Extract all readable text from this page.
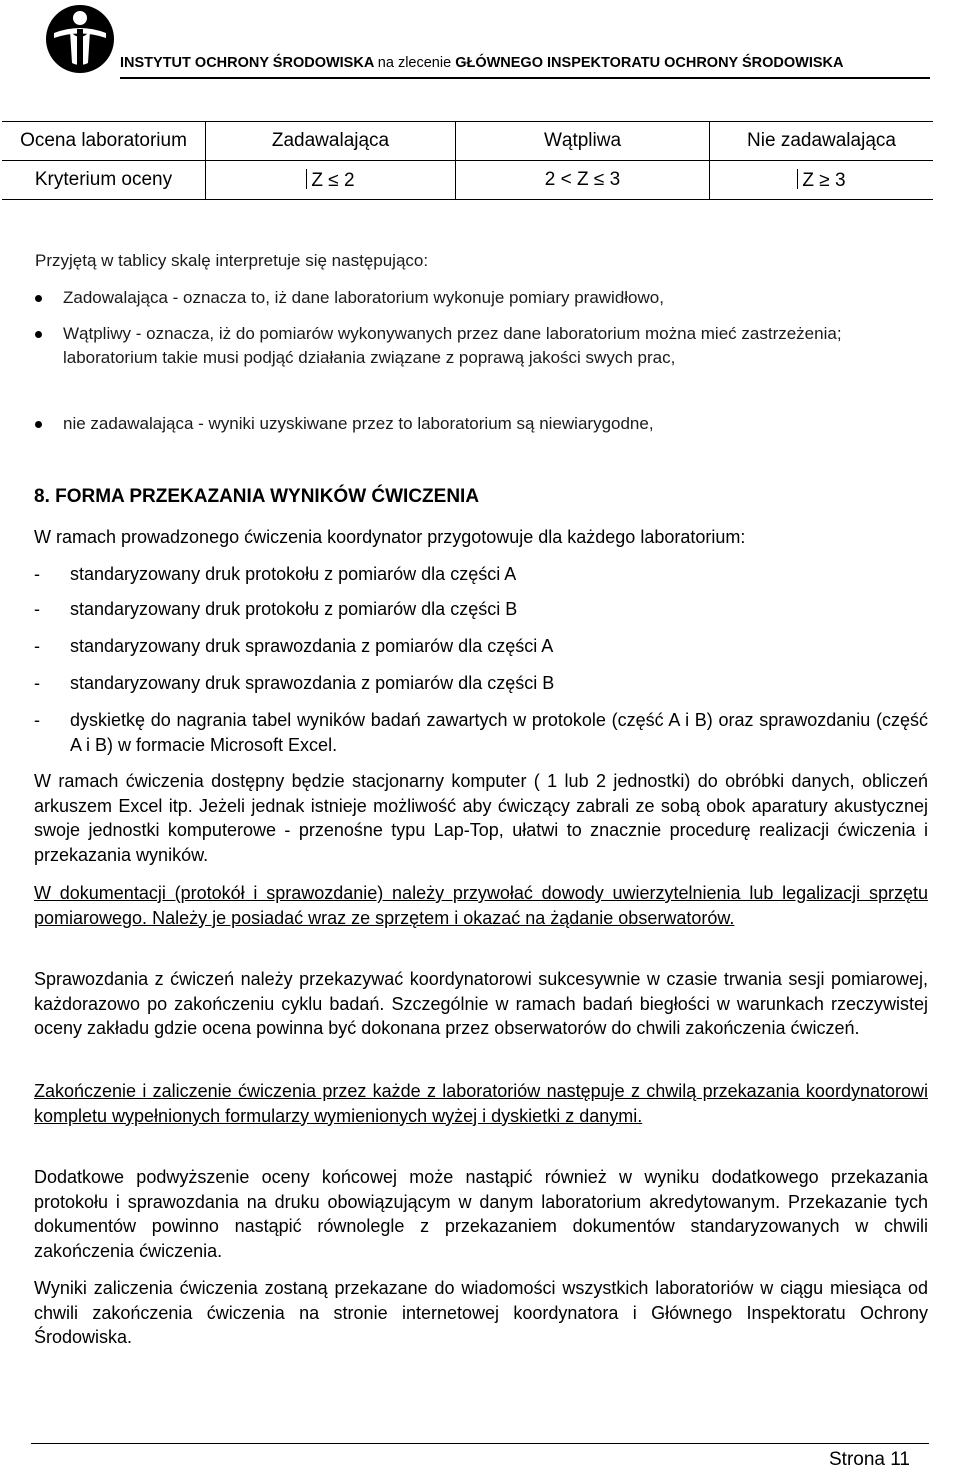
INSTYTUT OCHRONY ŚRODOWISKA na zlecenie GŁÓWNEGO INSPEKTORATU OCHRONY ŚRODOWISKA
Ocena laboratorium	Zadawalająca	Wątpliwa	Nie zadawalająca
Kryterium oceny	Z ≤ 2	2 < Z ≤ 3	Z ≥ 3
Przyjętą w tablicy skalę interpretuje się następująco:
Zadowalająca - oznacza to, iż dane laboratorium wykonuje pomiary prawidłowo,
Wątpliwy - oznacza, iż do pomiarów wykonywanych przez dane laboratorium można mieć zastrzeżenia; laboratorium takie musi podjąć działania związane z poprawą jakości swych prac,
nie zadawalająca - wyniki uzyskiwane przez to laboratorium są niewiarygodne,
8. FORMA PRZEKAZANIA WYNIKÓW ĆWICZENIA
W ramach prowadzonego ćwiczenia koordynator przygotowuje dla każdego laboratorium:
- standaryzowany druk protokołu z pomiarów dla części A
- standaryzowany druk protokołu z pomiarów dla części B
- standaryzowany druk sprawozdania z pomiarów dla części A
- standaryzowany druk sprawozdania z pomiarów dla części B
- dyskietkę do nagrania tabel wyników badań zawartych w protokole (część A i B) oraz sprawozdaniu (część A i B) w formacie Microsoft Excel.
W ramach ćwiczenia dostępny będzie stacjonarny komputer ( 1 lub 2 jednostki) do obróbki danych, obliczeń arkuszem Excel itp. Jeżeli jednak istnieje możliwość aby ćwiczący zabrali ze sobą obok aparatury akustycznej swoje jednostki komputerowe - przenośne typu Lap-Top, ułatwi to znacznie procedurę realizacji ćwiczenia i przekazania wyników.
W dokumentacji (protokół i sprawozdanie) należy przywołać dowody uwierzytelnienia lub legalizacji sprzętu pomiarowego. Należy je posiadać wraz ze sprzętem i okazać na żądanie obserwatorów.
Sprawozdania z ćwiczeń należy przekazywać koordynatorowi sukcesywnie w czasie trwania sesji pomiarowej, każdorazowo po zakończeniu cyklu badań. Szczególnie w ramach badań biegłości w warunkach rzeczywistej oceny zakładu gdzie ocena powinna być dokonana przez obserwatorów do chwili zakończenia ćwiczeń.
Zakończenie i zaliczenie ćwiczenia przez każde z laboratoriów następuje z chwilą przekazania koordynatorowi kompletu wypełnionych formularzy wymienionych wyżej i dyskietki z danymi.
Dodatkowe podwyższenie oceny końcowej może nastąpić również w wyniku dodatkowego przekazania protokołu i sprawozdania na druku obowiązującym w danym laboratorium akredytowanym. Przekazanie tych dokumentów powinno nastąpić równolegle z przekazaniem dokumentów standaryzowanych w chwili zakończenia ćwiczenia.
Wyniki zaliczenia ćwiczenia zostaną przekazane do wiadomości wszystkich laboratoriów w ciągu miesiąca od chwili zakończenia ćwiczenia na stronie internetowej koordynatora i Głównego Inspektoratu Ochrony Środowiska.
Strona 11
